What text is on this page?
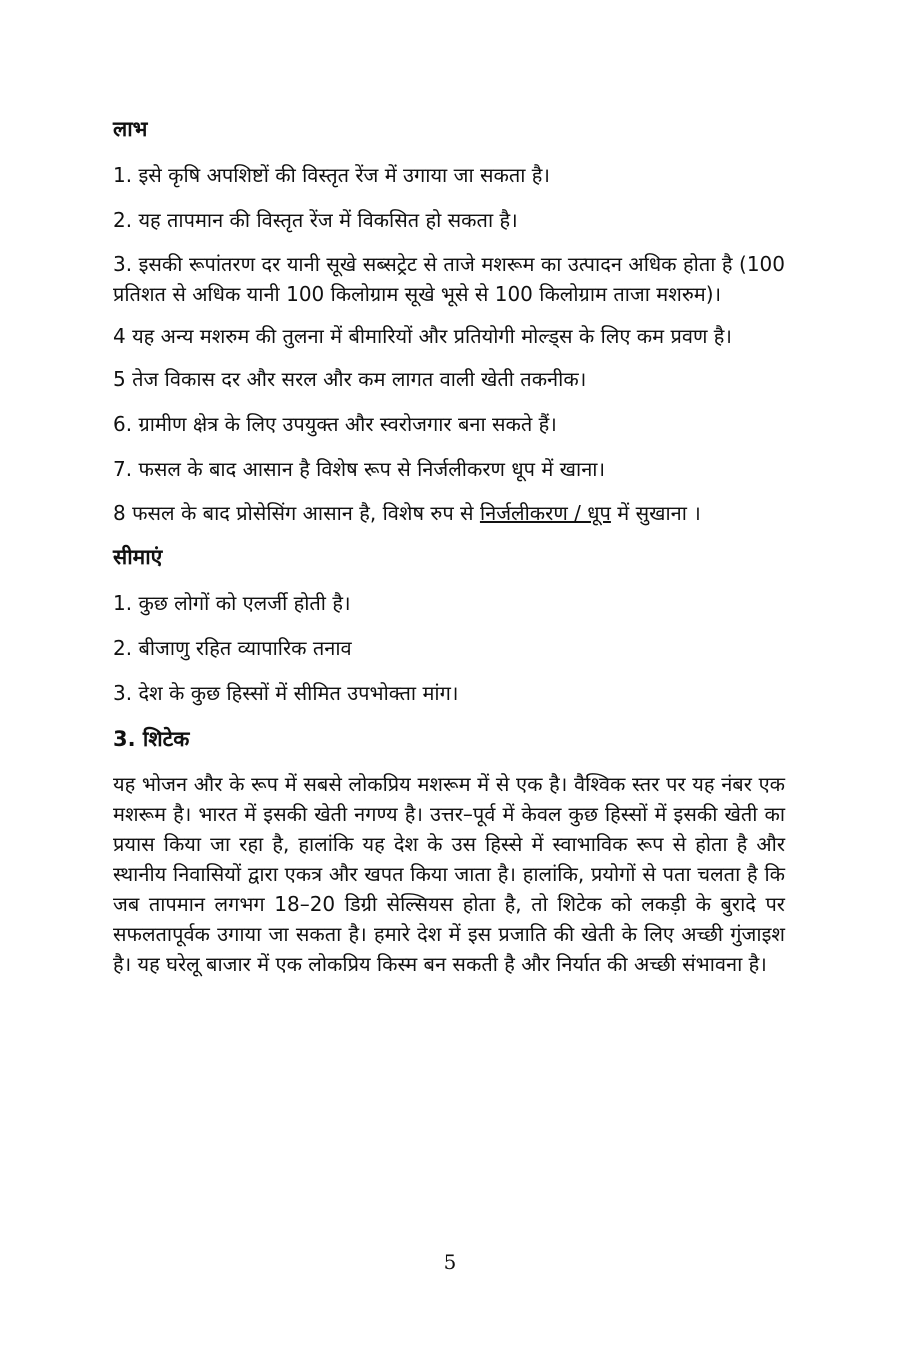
लाभ

1. इसे कृषि अपशिष्टों की विस्तृत रेंज में उगाया जा सकता है।

2. यह तापमान की विस्तृत रेंज में विकसित हो सकता है।

3. इसकी रूपांतरण दर यानी सूखे सब्सट्रेट से ताजे मशरूम का उत्पादन अधिक होता है (100 प्रतिशत से अधिक यानी 100 किलोग्राम सूखे भूसे से 100 किलोग्राम ताजा मशरुम)।

4 यह अन्य मशरुम की तुलना में बीमारियों और प्रतियोगी मोल्ड्स के लिए कम प्रवण है।

5 तेज विकास दर और सरल और कम लागत वाली खेती तकनीक।

6. ग्रामीण क्षेत्र के लिए उपयुक्त और स्वरोजगार बना सकते हैं।

7. फसल के बाद आसान है विशेष रूप से निर्जलीकरण धूप में खाना।

8 फसल के बाद प्रोसेसिंग आसान है, विशेष रुप से निर्जलीकरण / धूप में सुखाना ।

सीमाएं

1. कुछ लोगों को एलर्जी होती है।

2. बीजाणु रहित व्यापारिक तनाव

3. देश के कुछ हिस्सों में सीमित उपभोक्ता मांग।

3. शिटेक

यह भोजन और के रूप में सबसे लोकप्रिय मशरूम में से एक है। वैश्विक स्तर पर यह नंबर एक मशरूम है। भारत में इसकी खेती नगण्य है। उत्तर–पूर्व में केवल कुछ हिस्सों में इसकी खेती का प्रयास किया जा रहा है, हालांकि यह देश के उस हिस्से में स्वाभाविक रूप से होता है और स्थानीय निवासियों द्वारा एकत्र और खपत किया जाता है। हालांकि, प्रयोगों से पता चलता है कि जब तापमान लगभग 18–20 डिग्री सेल्सियस होता है, तो शिटेक को लकड़ी के बुरादे पर सफलतापूर्वक उगाया जा सकता है। हमारे देश में इस प्रजाति की खेती के लिए अच्छी गुंजाइश है। यह घरेलू बाजार में एक लोकप्रिय किस्म बन सकती है और निर्यात की अच्छी संभावना है।

5
